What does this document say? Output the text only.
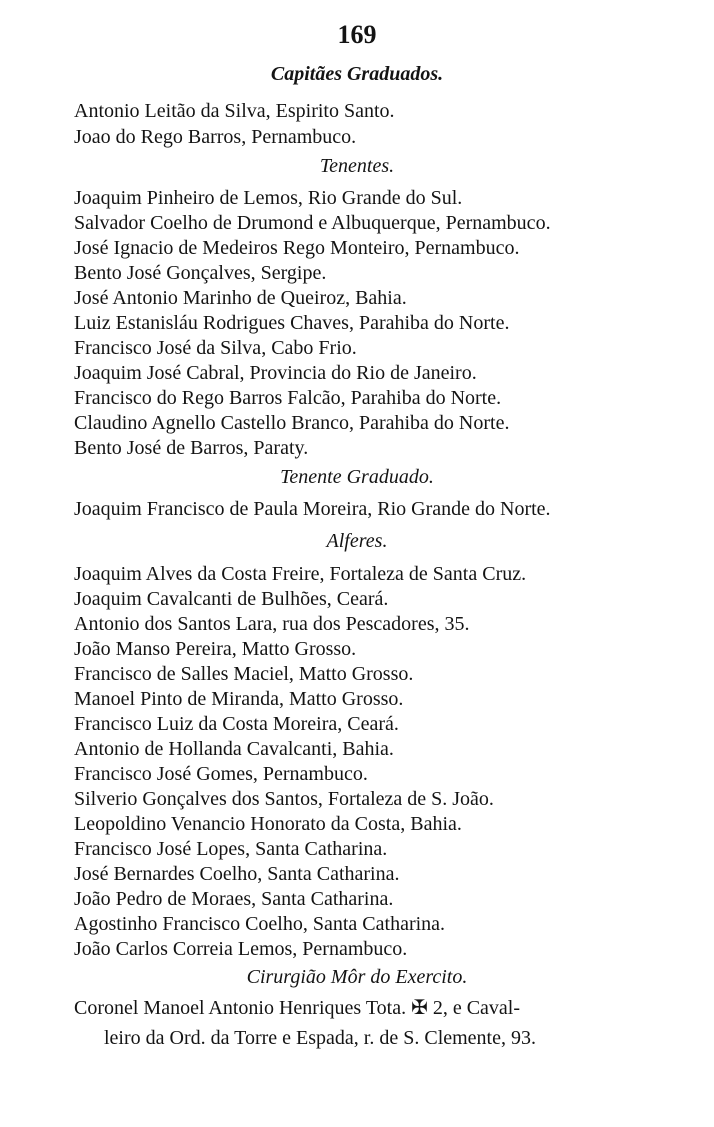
169
Capitães Graduados.
Antonio Leitão da Silva, Espirito Santo.
Joao do Rego Barros, Pernambuco.
Tenentes.
Joaquim Pinheiro de Lemos, Rio Grande do Sul.
Salvador Coelho de Drumond e Albuquerque, Pernambuco.
José Ignacio de Medeiros Rego Monteiro, Pernambuco.
Bento José Gonçalves, Sergipe.
José Antonio Marinho de Queiroz, Bahia.
Luiz Estanisláu Rodrigues Chaves, Parahiba do Norte.
Francisco José da Silva, Cabo Frio.
Joaquim José Cabral, Provincia do Rio de Janeiro.
Francisco do Rego Barros Falcão, Parahiba do Norte.
Claudino Agnello Castello Branco, Parahiba do Norte.
Bento José de Barros, Paraty.
Tenente Graduado.
Joaquim Francisco de Paula Moreira, Rio Grande do Norte.
Alferes.
Joaquim Alves da Costa Freire, Fortaleza de Santa Cruz.
Joaquim Cavalcanti de Bulhões, Ceará.
Antonio dos Santos Lara, rua dos Pescadores, 35.
João Manso Pereira, Matto Grosso.
Francisco de Salles Maciel, Matto Grosso.
Manoel Pinto de Miranda, Matto Grosso.
Francisco Luiz da Costa Moreira, Ceará.
Antonio de Hollanda Cavalcanti, Bahia.
Francisco José Gomes, Pernambuco.
Silverio Gonçalves dos Santos, Fortaleza de S. João.
Leopoldino Venancio Honorato da Costa, Bahia.
Francisco José Lopes, Santa Catharina.
José Bernardes Coelho, Santa Catharina.
João Pedro de Moraes, Santa Catharina.
Agostinho Francisco Coelho, Santa Catharina.
João Carlos Correia Lemos, Pernambuco.
Cirurgião Môr do Exercito.
Coronel Manoel Antonio Henriques Tota. ✠ 2, e Caval-
leiro da Ord. da Torre e Espada, r. de S. Clemente, 93.
